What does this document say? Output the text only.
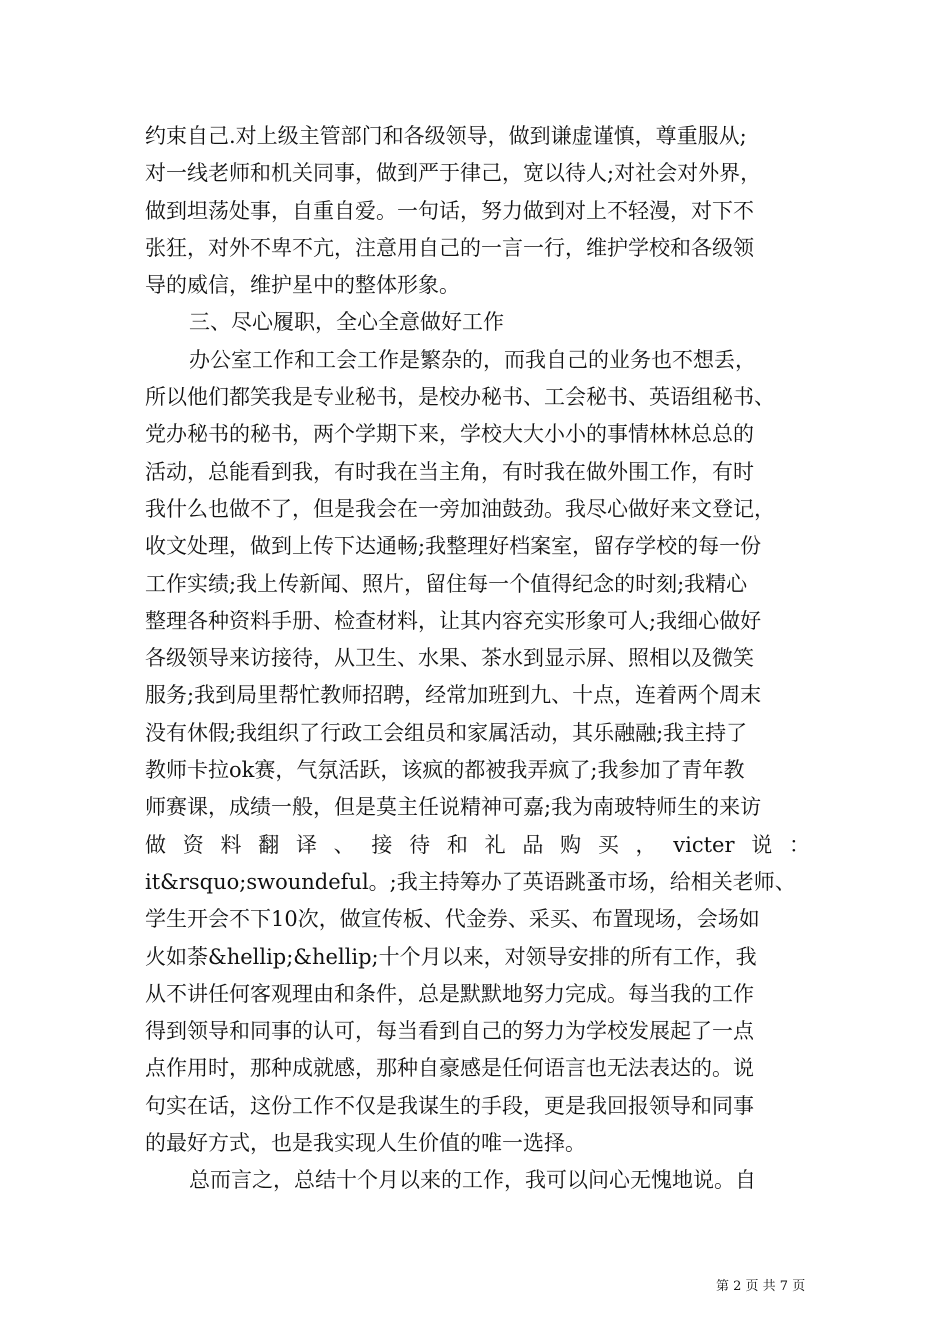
约束自己.对上级主管部门和各级领导，做到谦虚谨慎，尊重服从;
对一线老师和机关同事，做到严于律己，宽以待人;对社会对外界，
做到坦荡处事，自重自爱。一句话，努力做到对上不轻漫，对下不
张狂，对外不卑不亢，注意用自己的一言一行，维护学校和各级领
导的威信，维护星中的整体形象。
三、尽心履职，全心全意做好工作
办公室工作和工会工作是繁杂的，而我自己的业务也不想丢，
所以他们都笑我是专业秘书，是校办秘书、工会秘书、英语组秘书、
党办秘书的秘书，两个学期下来，学校大大小小的事情林林总总的
活动，总能看到我，有时我在当主角，有时我在做外围工作，有时
我什么也做不了，但是我会在一旁加油鼓劲。我尽心做好来文登记，
收文处理，做到上传下达通畅;我整理好档案室，留存学校的每一份
工作实绩;我上传新闻、照片，留住每一个值得纪念的时刻;我精心
整理各种资料手册、检查材料，让其内容充实形象可人;我细心做好
各级领导来访接待，从卫生、水果、茶水到显示屏、照相以及微笑
服务;我到局里帮忙教师招聘，经常加班到九、十点，连着两个周末
没有休假;我组织了行政工会组员和家属活动，其乐融融;我主持了
教师卡拉ok赛，气氛活跃，该疯的都被我弄疯了;我参加了青年教
师赛课，成绩一般，但是莫主任说精神可嘉;我为南玻特师生的来访
做 资 料 翻 译 、 接 待 和 礼 品 购 买 ， victer 说 ：
it&rsquo;swoundeful。;我主持筹办了英语跳蚤市场，给相关老师、
学生开会不下10次，做宣传板、代金券、采买、布置现场，会场如
火如荼&hellip;&hellip;十个月以来，对领导安排的所有工作，我
从不讲任何客观理由和条件，总是默默地努力完成。每当我的工作
得到领导和同事的认可，每当看到自己的努力为学校发展起了一点
点作用时，那种成就感，那种自豪感是任何语言也无法表达的。说
句实在话，这份工作不仅是我谋生的手段，更是我回报领导和同事
的最好方式，也是我实现人生价值的唯一选择。
总而言之，总结十个月以来的工作，我可以问心无愧地说。自
第 2 页 共 7 页
